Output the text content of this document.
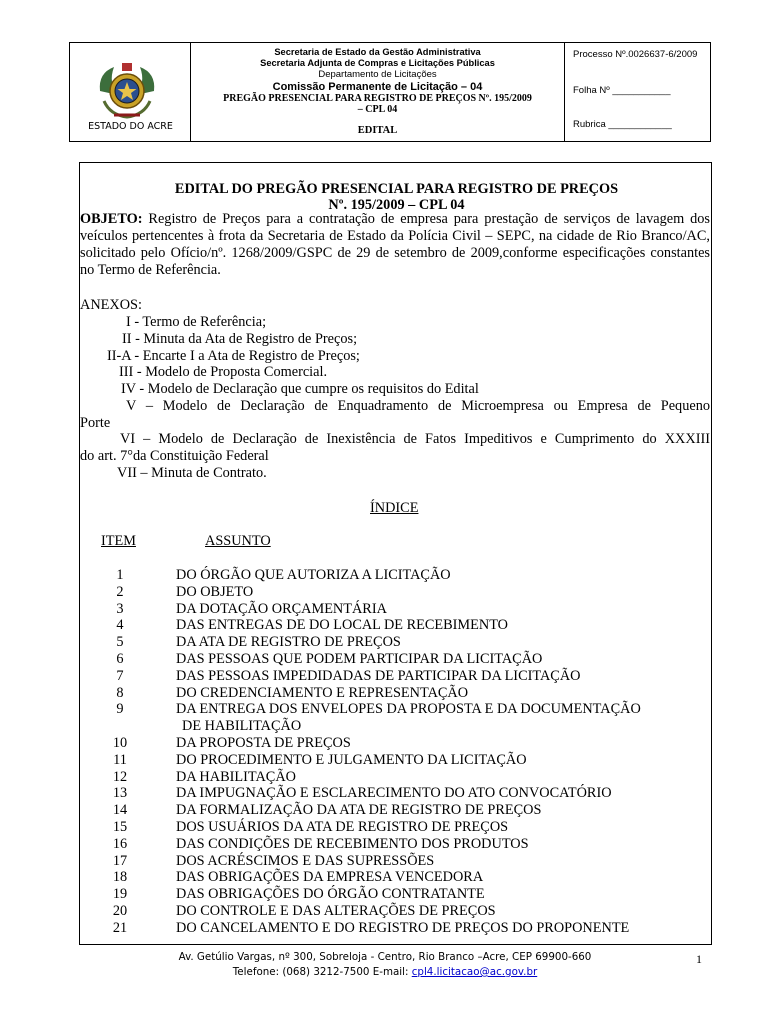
ESTADO DO ACRE
Secretaria de Estado da Gestão Administrativa
Secretaria Adjunta de Compras e Licitações Públicas
Departamento de Licitações
Comissão Permanente de Licitação – 04
PREGÃO PRESENCIAL PARA REGISTRO DE PREÇOS Nº. 195/2009
– CPL 04
EDITAL
Processo Nº.0026637-6/2009
Folha Nº ___________
Rubrica ____________
EDITAL DO PREGÃO PRESENCIAL PARA REGISTRO DE PREÇOS
Nº. 195/2009 – CPL 04
OBJETO: Registro de Preços para a contratação de empresa para prestação de serviços de lavagem dos veículos pertencentes à frota da Secretaria de Estado da Polícia Civil – SEPC, na cidade de Rio Branco/AC, solicitado pelo Ofício/nº. 1268/2009/GSPC de 29 de setembro de 2009,conforme especificações constantes no Termo de Referência.
ANEXOS:
I - Termo de Referência;
II - Minuta da Ata de Registro de Preços;
II-A - Encarte I a Ata de Registro de Preços;
III - Modelo de Proposta Comercial.
IV - Modelo de Declaração que cumpre os requisitos do Edital
V – Modelo de Declaração de Enquadramento de Microempresa ou Empresa de Pequeno
Porte
VI – Modelo de Declaração de Inexistência de Fatos Impeditivos e Cumprimento do XXXIII
do art. 7°da Constituição Federal
VII – Minuta de Contrato.
ÍNDICE
ITEM	ASSUNTO
1	DO ÓRGÃO QUE AUTORIZA A LICITAÇÃO
2	DO OBJETO
3	DA DOTAÇÃO ORÇAMENTÁRIA
4	DAS ENTREGAS DE DO LOCAL DE RECEBIMENTO
5	DA ATA DE REGISTRO DE PREÇOS
6	DAS PESSOAS QUE PODEM PARTICIPAR DA LICITAÇÃO
7	DAS PESSOAS IMPEDIDADAS DE PARTICIPAR DA LICITAÇÃO
8	DO CREDENCIAMENTO E REPRESENTAÇÃO
9	DA ENTREGA DOS ENVELOPES DA PROPOSTA E DA DOCUMENTAÇÃO
DE HABILITAÇÃO
10	DA PROPOSTA DE PREÇOS
11	DO PROCEDIMENTO E JULGAMENTO DA LICITAÇÃO
12	DA HABILITAÇÃO
13	DA IMPUGNAÇÃO E ESCLARECIMENTO DO ATO CONVOCATÓRIO
14	DA FORMALIZAÇÃO DA ATA DE REGISTRO DE PREÇOS
15	DOS USUÁRIOS DA ATA DE REGISTRO DE PREÇOS
16	DAS CONDIÇÕES DE RECEBIMENTO DOS PRODUTOS
17	DOS ACRÉSCIMOS E DAS SUPRESSÕES
18	DAS OBRIGAÇÕES DA EMPRESA VENCEDORA
19	DAS OBRIGAÇÕES DO ÓRGÃO CONTRATANTE
20	DO CONTROLE E DAS ALTERAÇÕES DE PREÇOS
21	DO CANCELAMENTO E DO REGISTRO DE PREÇOS DO PROPONENTE
Av. Getúlio Vargas, nº 300, Sobreloja - Centro, Rio Branco –Acre, CEP 69900-660
Telefone: (068) 3212-7500 E-mail: cpl4.licitacao@ac.gov.br
1
